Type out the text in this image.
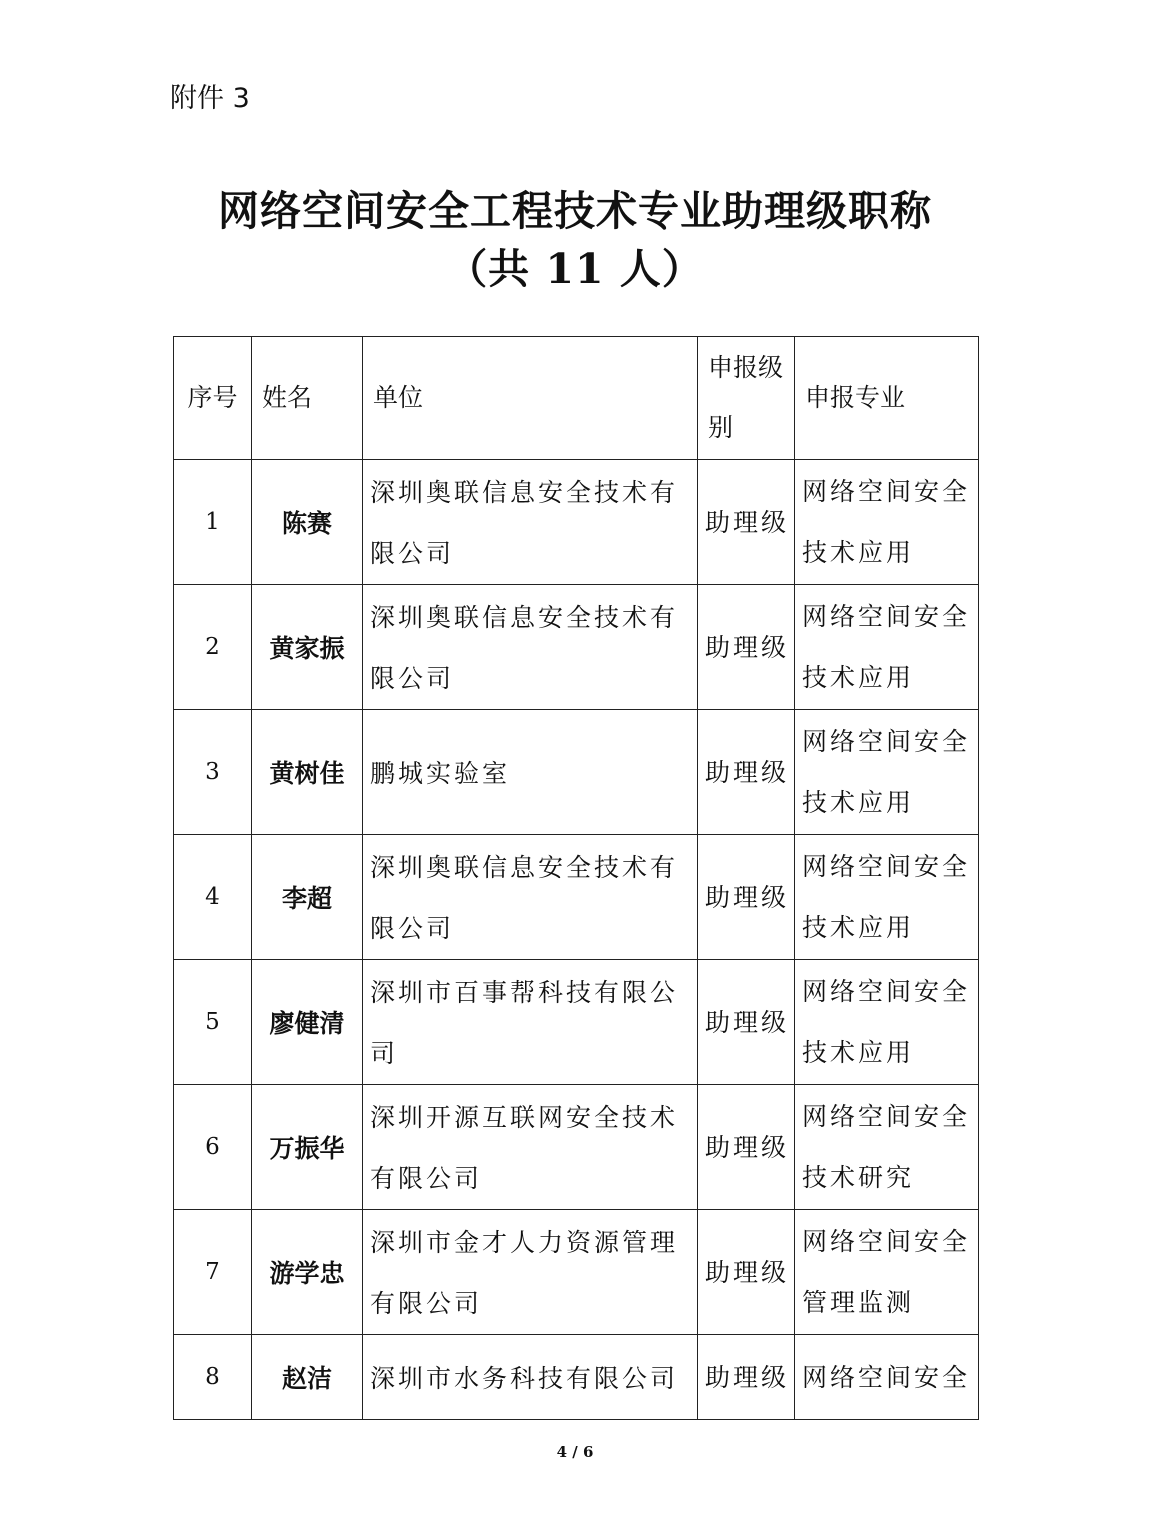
附件 3
网络空间安全工程技术专业助理级职称
（共 11 人）
序号	姓名	单位	申报级别	申报专业
1	陈赛	深圳奥联信息安全技术有限公司	助理级	网络空间安全技术应用
2	黄家振	深圳奥联信息安全技术有限公司	助理级	网络空间安全技术应用
3	黄树佳	鹏城实验室	助理级	网络空间安全技术应用
4	李超	深圳奥联信息安全技术有限公司	助理级	网络空间安全技术应用
5	廖健清	深圳市百事帮科技有限公司	助理级	网络空间安全技术应用
6	万振华	深圳开源互联网安全技术有限公司	助理级	网络空间安全技术研究
7	游学忠	深圳市金才人力资源管理有限公司	助理级	网络空间安全管理监测
8	赵洁	深圳市水务科技有限公司	助理级	网络空间安全
4 / 6
